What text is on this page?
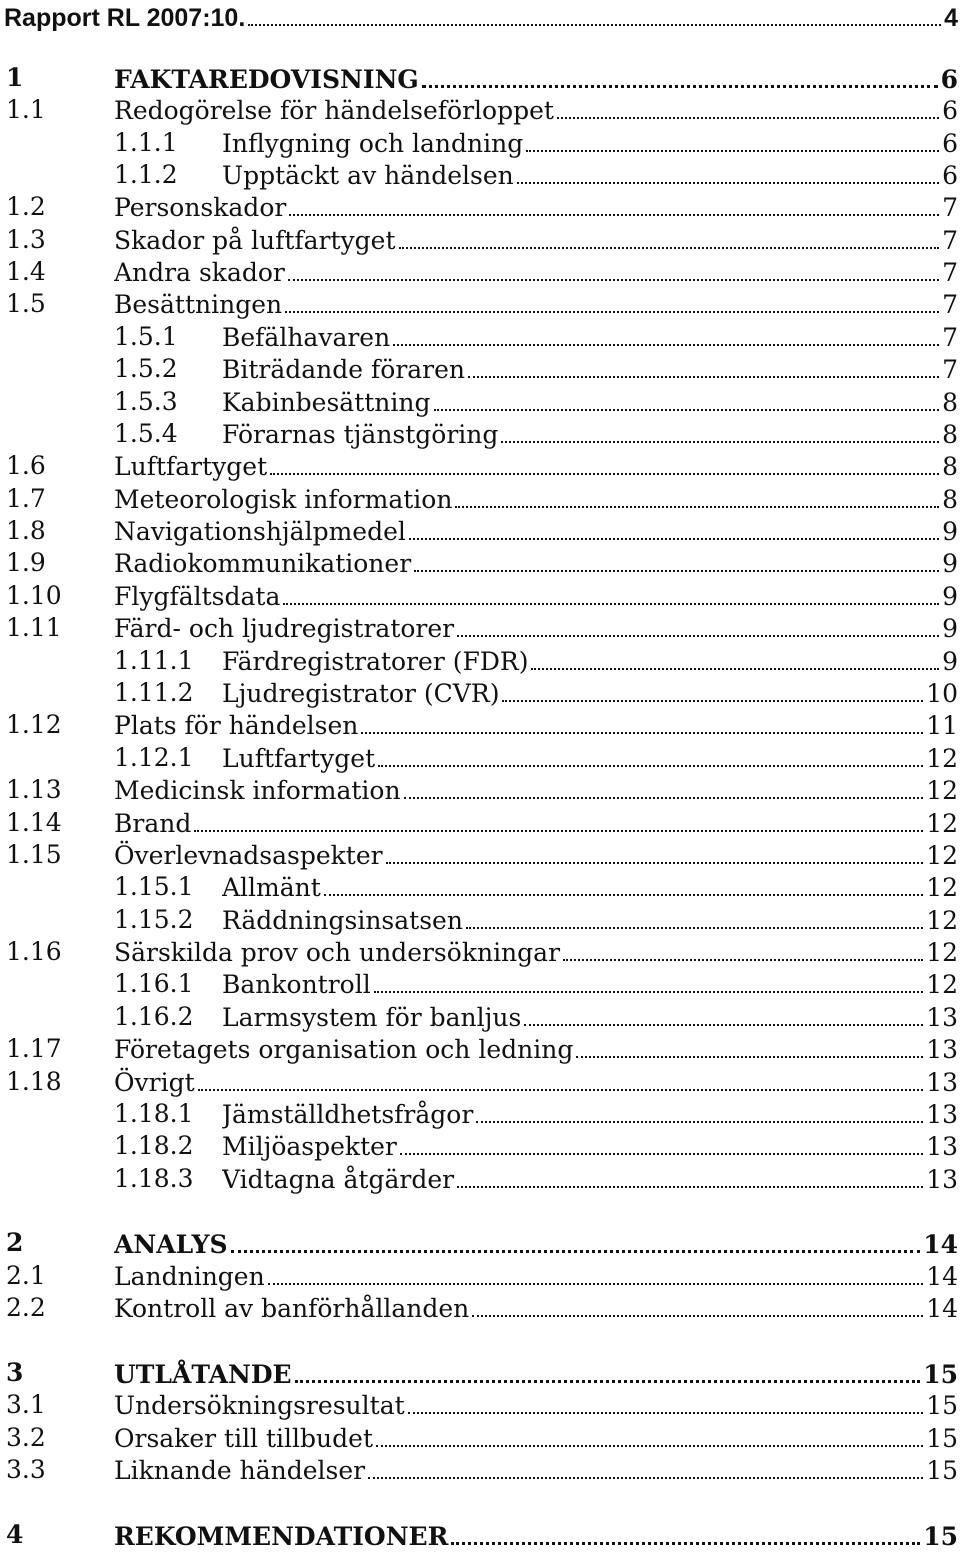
Rapport RL 2007:10.	4
1	FAKTAREDOVISNING	6
1.1	Redogörelse för händelseförloppet	6
1.1.1 Inflygning och landning	6
1.1.2 Upptäckt av händelsen	6
1.2	Personskador	7
1.3	Skador på luftfartyget	7
1.4	Andra skador	7
1.5	Besättningen	7
1.5.1 Befälhavaren	7
1.5.2 Biträdande föraren	7
1.5.3 Kabinbesättning	8
1.5.4 Förarnas tjänstgöring	8
1.6	Luftfartyget	8
1.7	Meteorologisk information	8
1.8	Navigationshjälpmedel	9
1.9	Radiokommunikationer	9
1.10 Flygfältsdata	9
1.11 Färd- och ljudregistratorer	9
1.11.1 Färdregistratorer (FDR)	9
1.11.2 Ljudregistrator (CVR)	10
1.12 Plats för händelsen	11
1.12.1 Luftfartyget	12
1.13 Medicinsk information	12
1.14 Brand	12
1.15 Överlevnadsaspekter	12
1.15.1 Allmänt	12
1.15.2 Räddningsinsatsen	12
1.16 Särskilda prov och undersökningar	12
1.16.1 Bankontroll	12
1.16.2 Larmsystem för banljus	13
1.17 Företagets organisation och ledning	13
1.18 Övrigt	13
1.18.1 Jämställdhetsfrågor	13
1.18.2 Miljöaspekter	13
1.18.3 Vidtagna åtgärder	13
2	ANALYS	14
2.1	Landningen	14
2.2	Kontroll av banförhållanden	14
3	UTLÅTANDE	15
3.1	Undersökningsresultat	15
3.2	Orsaker till tillbudet	15
3.3	Liknande händelser	15
4	REKOMMENDATIONER	15
